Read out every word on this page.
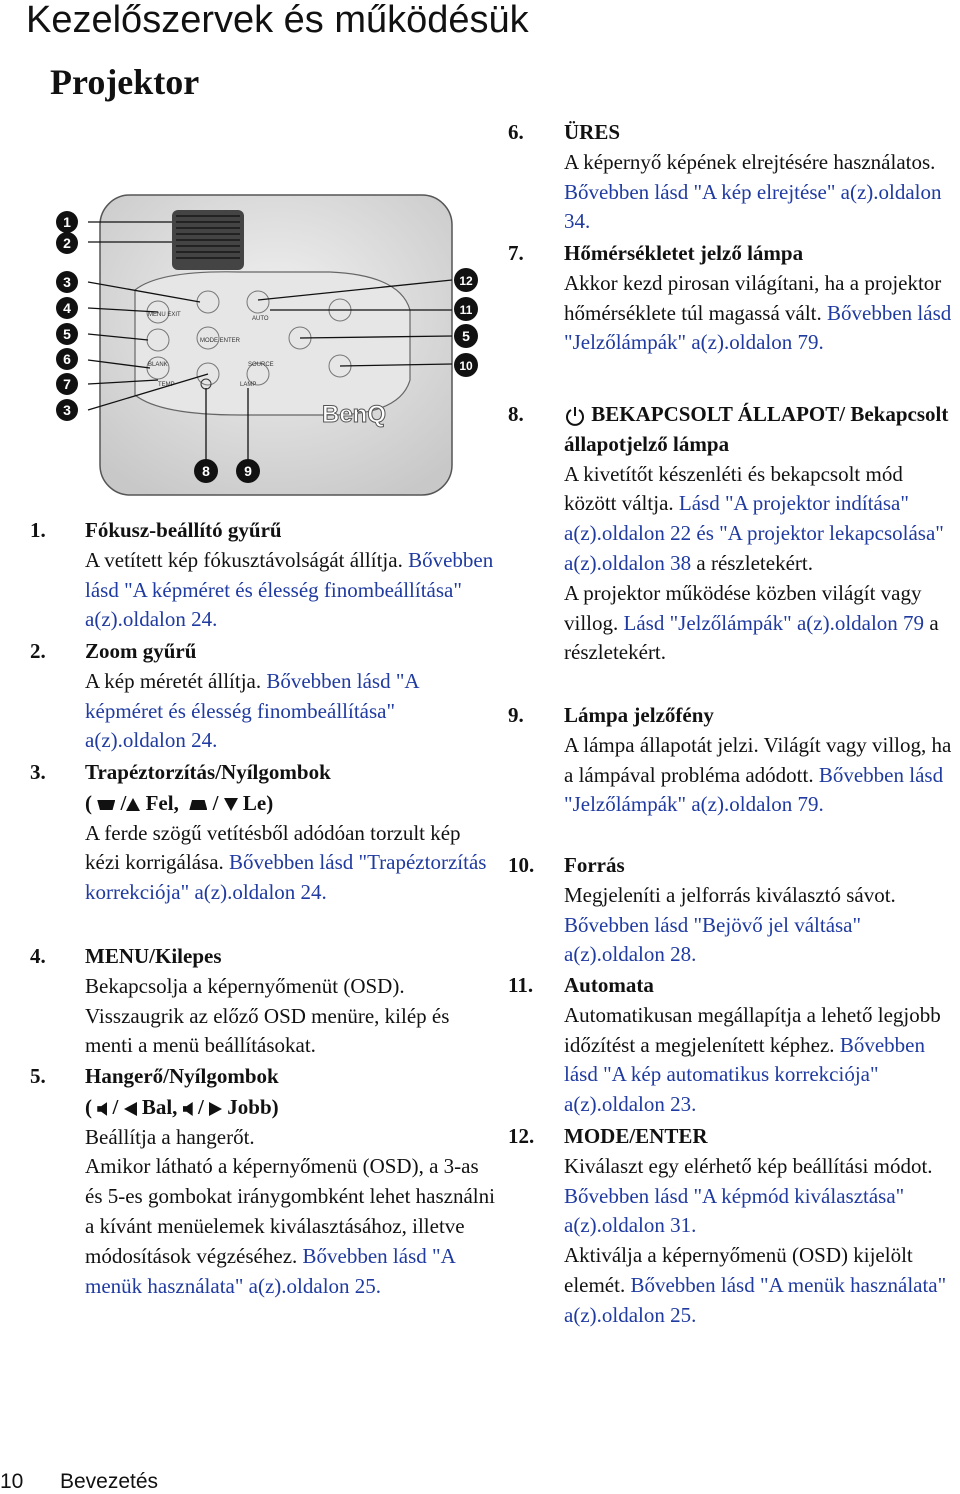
Kezelőszervek és működésük
Projektor
MENU EXIT
MODE ENTER
AUTO
BLANK	SOURCE
TEMP	LAMP
BenQ
1
2
3
4
5
6
7
3
12
11
5
10
8 9
1. Fókusz-beállító gyűrű

A vetített kép fókusztávolságát állítja. Bővebben lásd "A képméret és élesség finombeállítása" a(z).oldalon 24.

2. Zoom gyűrű

A kép méretét állítja. Bővebben lásd "A képméret és élesség finombeállítása" a(z).oldalon 24.

3. Trapéztorzítás/Nyílgombok
( / Fel, / Le)

A ferde szögű vetítésből adódóan torzult kép kézi korrigálása. Bővebben lásd "Trapéztorzítás korrekciója" a(z).oldalon 24.

4. MENU/Kilepes

Bekapcsolja a képernyőmenüt (OSD). Visszaugrik az előző OSD menüre, kilép és menti a menü beállításokat.

5. Hangerő/Nyílgombok
( / Bal, / Jobb)

Beállítja a hangerőt.

Amikor látható a képernyőmenü (OSD), a 3-as és 5-es gombokat iránygombként lehet használni a kívánt menüelemek kiválasztásához, illetve módosítások végzéséhez. Bővebben lásd "A menük használata" a(z).oldalon 25.

6. ÜRES

A képernyő képének elrejtésére használatos. Bővebben lásd "A kép elrejtése" a(z).oldalon 34.

7. Hőmérsékletet jelző lámpa

Akkor kezd pirosan világítani, ha a projektor hőmérséklete túl magassá vált. Bővebben lásd "Jelzőlámpák" a(z).oldalon 79.

8.	BEKAPCSOLT ÁLLAPOT/ Bekapcsolt állapotjelző lámpa

A kivetítőt készenléti és bekapcsolt mód között váltja. Lásd "A projektor indítása" a(z).oldalon 22 és "A projektor lekapcsolása" a(z).oldalon 38 a részletekért.

A projektor működése közben világít vagy villog. Lásd "Jelzőlámpák" a(z).oldalon 79 a részletekért.

9. Lámpa jelzőfény

A lámpa állapotát jelzi. Világít vagy villog, ha a lámpával probléma adódott. Bővebben lásd "Jelzőlámpák" a(z).oldalon 79.

10. Forrás

Megjeleníti a jelforrás kiválasztó sávot. Bővebben lásd "Bejövő jel váltása" a(z).oldalon 28.

11. Automata

Automatikusan megállapítja a lehető legjobb időzítést a megjelenített képhez. Bővebben lásd "A kép automatikus korrekciója" a(z).oldalon 23.

12. MODE/ENTER

Kiválaszt egy elérhető kép beállítási módot. Bővebben lásd "A képmód kiválasztása" a(z).oldalon 31.

Aktiválja a képernyőmenü (OSD) kijelölt elemét. Bővebben lásd "A menük használata" a(z).oldalon 25.

10 Bevezetés
